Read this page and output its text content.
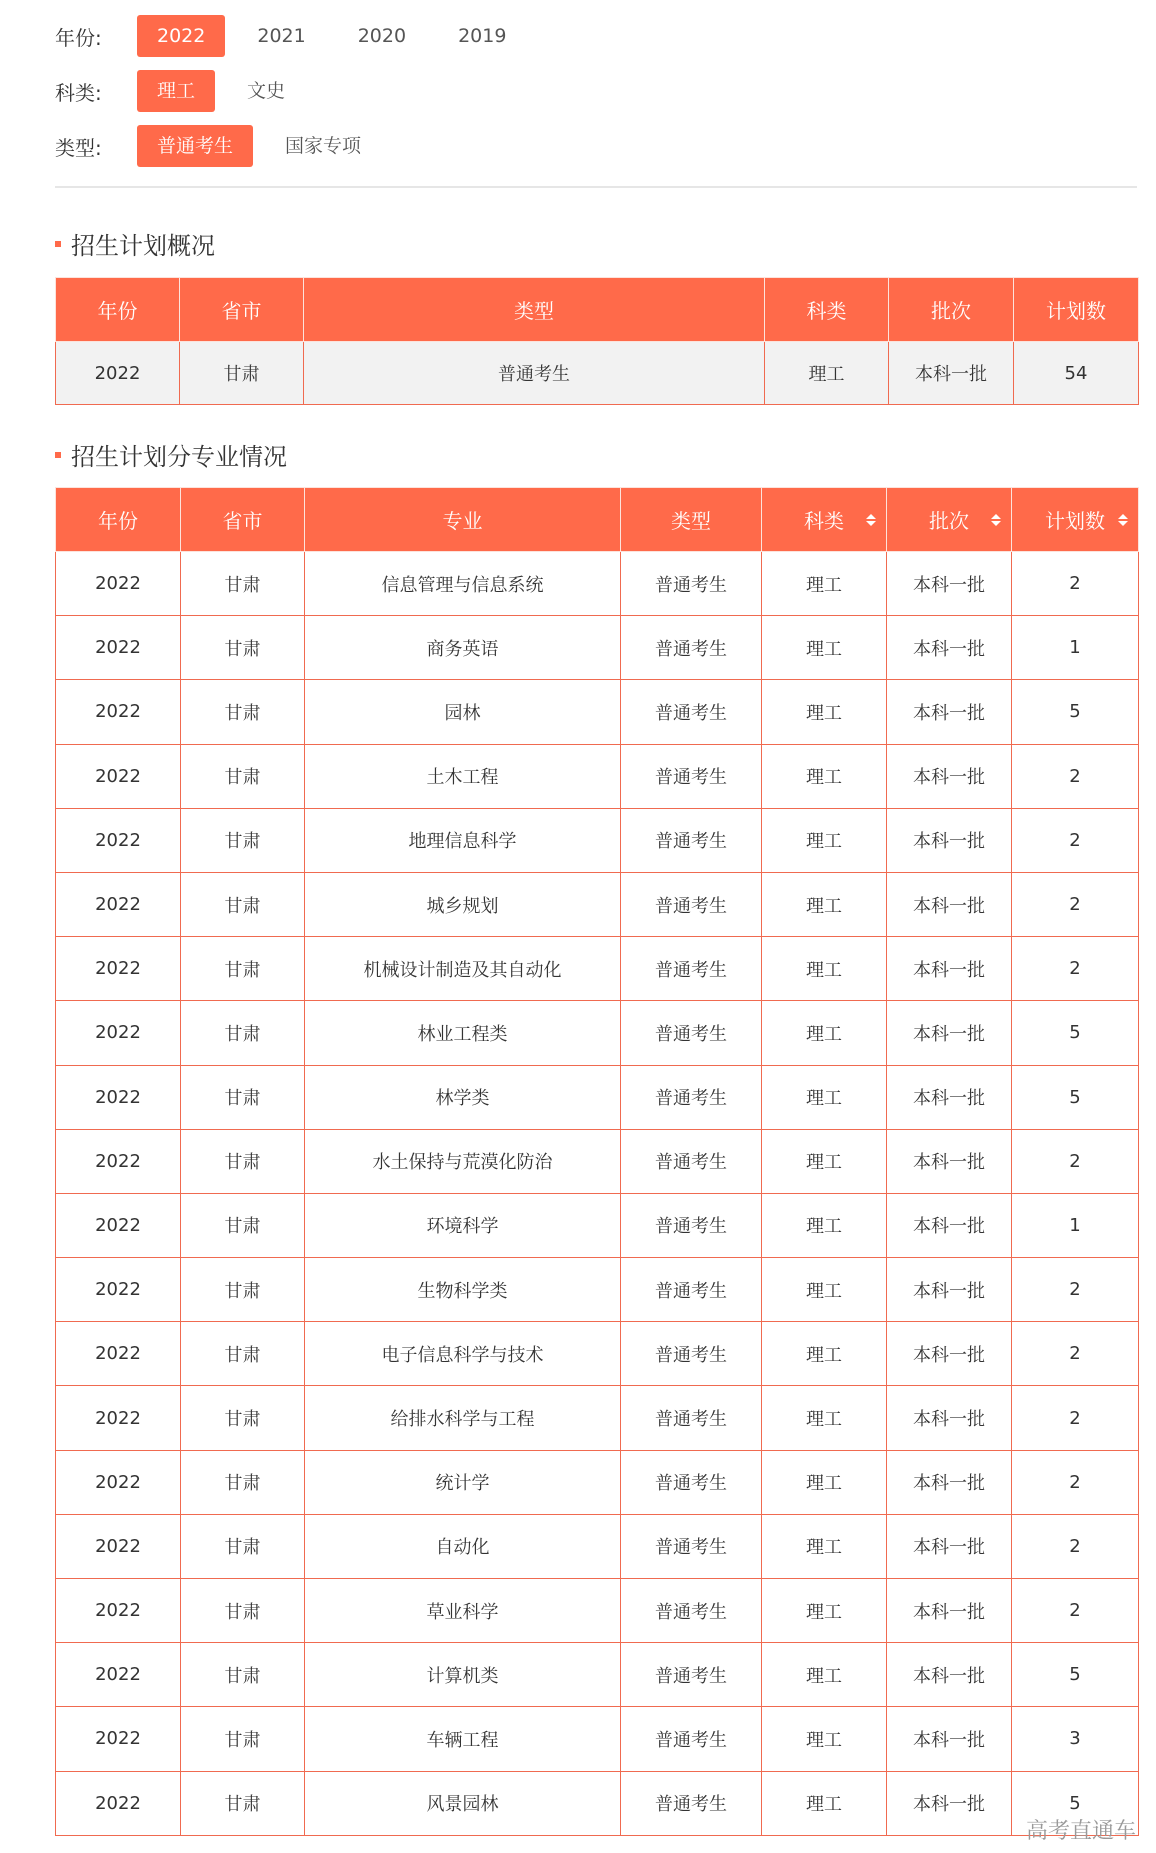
年份:	2022	2021	2020	2019
科类:	理工	文史
类型:	普通考生	国家专项
招生计划概况
年份	省市	类型	科类	批次	计划数
2022	甘肃	普通考生	理工	本科一批	54
招生计划分专业情况
年份	省市	专业	类型	科类	批次	计划数

2022	甘肃	信息管理与信息系统	普通考生	理工	本科一批	2
2022	甘肃	商务英语	普通考生	理工	本科一批	1
2022	甘肃	园林	普通考生	理工	本科一批	5
2022	甘肃	土木工程	普通考生	理工	本科一批	2
2022	甘肃	地理信息科学	普通考生	理工	本科一批	2
2022	甘肃	城乡规划	普通考生	理工	本科一批	2
2022	甘肃	机械设计制造及其自动化	普通考生	理工	本科一批	2
2022	甘肃	林业工程类	普通考生	理工	本科一批	5
2022	甘肃	林学类	普通考生	理工	本科一批	5
2022	甘肃	水土保持与荒漠化防治	普通考生	理工	本科一批	2
2022	甘肃	环境科学	普通考生	理工	本科一批	1
2022	甘肃	生物科学类	普通考生	理工	本科一批	2
2022	甘肃	电子信息科学与技术	普通考生	理工	本科一批	2
2022	甘肃	给排水科学与工程	普通考生	理工	本科一批	2
2022	甘肃	统计学	普通考生	理工	本科一批	2
2022	甘肃	自动化	普通考生	理工	本科一批	2
2022	甘肃	草业科学	普通考生	理工	本科一批	2
2022	甘肃	计算机类	普通考生	理工	本科一批	5
2022	甘肃	车辆工程	普通考生	理工	本科一批	3
2022	甘肃	风景园林	普通考生	理工	本科一批	5
高考直通车
